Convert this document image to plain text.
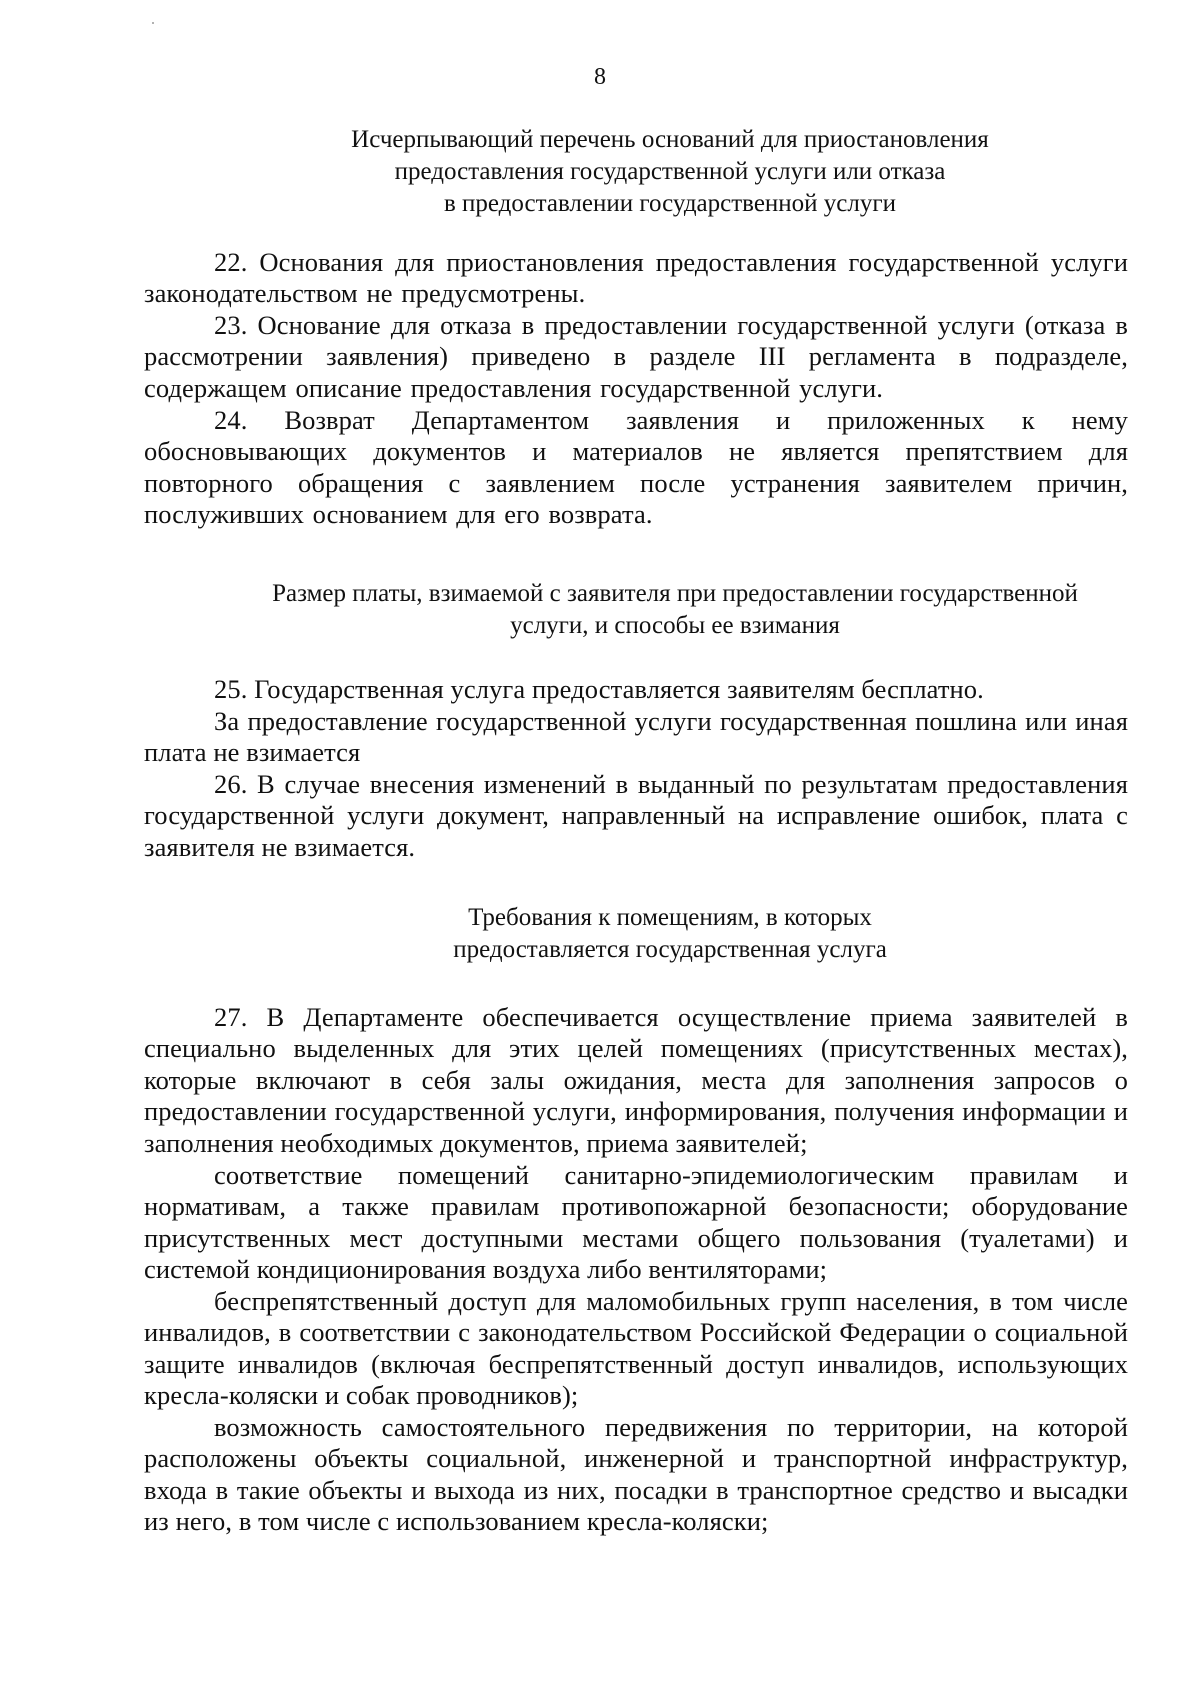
8
Исчерпывающий перечень оснований для приостановления
предоставления государственной услуги или отказа
в предоставлении государственной услуги

22. Основания для приостановления предоставления государственной услуги законодательством не предусмотрены.

23. Основание для отказа в предоставлении государственной услуги (отказа в рассмотрении заявления) приведено в разделе III регламента в подразделе, содержащем описание предоставления государственной услуги.

24. Возврат Департаментом заявления и приложенных к нему обосновывающих документов и материалов не является препятствием для повторного обращения с заявлением после устранения заявителем причин, послуживших основанием для его возврата.

Размер платы, взимаемой с заявителя при предоставлении государственной
услуги, и способы ее взимания

25. Государственная услуга предоставляется заявителям бесплатно.

За предоставление государственной услуги государственная пошлина или иная плата не взимается

26. В случае внесения изменений в выданный по результатам предоставления государственной услуги документ, направленный на исправление ошибок, плата с заявителя не взимается.

Требования к помещениям, в которых
предоставляется государственная услуга

27. В Департаменте обеспечивается осуществление приема заявителей в специально выделенных для этих целей помещениях (присутственных местах), которые включают в себя залы ожидания, места для заполнения запросов о предоставлении государственной услуги, информирования, получения информации и заполнения необходимых документов, приема заявителей;

соответствие помещений санитарно-эпидемиологическим правилам и нормативам, а также правилам противопожарной безопасности; оборудование присутственных мест доступными местами общего пользования (туалетами) и системой кондиционирования воздуха либо вентиляторами;

беспрепятственный доступ для маломобильных групп населения, в том числе инвалидов, в соответствии с законодательством Российской Федерации о социальной защите инвалидов (включая беспрепятственный доступ инвалидов, использующих кресла-коляски и собак проводников);

возможность самостоятельного передвижения по территории, на которой расположены объекты социальной, инженерной и транспортной инфраструктур, входа в такие объекты и выхода из них, посадки в транспортное средство и высадки из него, в том числе с использованием кресла-коляски;
